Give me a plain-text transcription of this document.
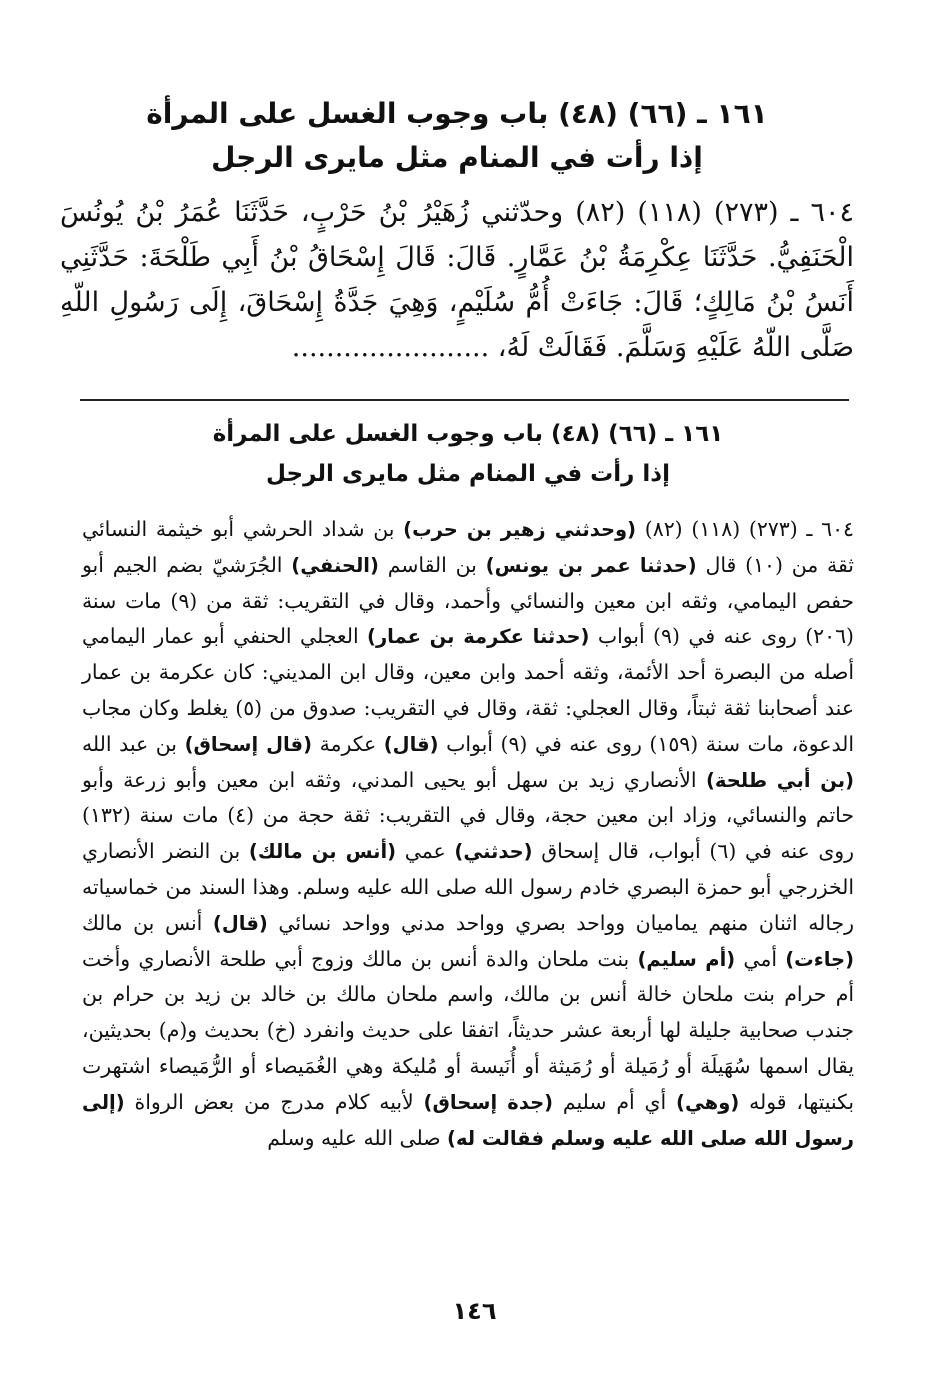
١٦١ ـ (٦٦) (٤٨) باب وجوب الغسل على المرأة
إذا رأت في المنام مثل مايرى الرجل
٦٠٤ ـ (٢٧٣) (١١٨) (٨٢) وحدّثني زُهَيْرُ بْنُ حَرْبٍ، حَدَّثَنَا عُمَرُ بْنُ يُونُسَ الْحَنَفِيُّ. حَدَّثَنَا عِكْرِمَةُ بْنُ عَمَّارٍ. قَالَ: قَالَ إِسْحَاقُ بْنُ أَبِي طَلْحَةَ: حَدَّثَنِي أَنَسُ بْنُ مَالِكٍ؛ قَالَ: جَاءَتْ أُمُّ سُلَيْمٍ، وَهِيَ جَدَّةُ إِسْحَاقَ، إِلَى رَسُولِ اللّهِ صَلَّى اللّهُ عَلَيْهِ وَسَلَّمَ. فَقَالَتْ لَهُ، .......................
١٦١ ـ (٦٦) (٤٨) باب وجوب الغسل على المرأة
إذا رأت في المنام مثل مايرى الرجل
٦٠٤ ـ (٢٧٣) (١١٨) (٨٢) (وحدثني زهير بن حرب) بن شداد الحرشي أبو خيثمة النسائي ثقة من (١٠) قال (حدثنا عمر بن يونس) بن القاسم (الحنفي) الجُرَشيّ بضم الجيم أبو حفص اليمامي، وثقه ابن معين والنسائي وأحمد، وقال في التقريب: ثقة من (٩) مات سنة (٢٠٦) روى عنه في (٩) أبواب (حدثنا عكرمة بن عمار) العجلي الحنفي أبو عمار اليمامي أصله من البصرة أحد الأئمة، وثقه أحمد وابن معين، وقال ابن المديني: كان عكرمة بن عمار عند أصحابنا ثقة ثبتاً، وقال العجلي: ثقة، وقال في التقريب: صدوق من (٥) يغلط وكان مجاب الدعوة، مات سنة (١٥٩) روى عنه في (٩) أبواب (قال) عكرمة (قال إسحاق) بن عبد الله (بن أبي طلحة) الأنصاري زيد بن سهل أبو يحيى المدني، وثقه ابن معين وأبو زرعة وأبو حاتم والنسائي، وزاد ابن معين حجة، وقال في التقريب: ثقة حجة من (٤) مات سنة (١٣٢) روى عنه في (٦) أبواب، قال إسحاق (حدثني) عمي (أنس بن مالك) بن النضر الأنصاري الخزرجي أبو حمزة البصري خادم رسول الله صلى الله عليه وسلم. وهذا السند من خماسياته رجاله اثنان منهم يماميان وواحد بصري وواحد مدني وواحد نسائي (قال) أنس بن مالك (جاءت) أمي (أم سليم) بنت ملحان والدة أنس بن مالك وزوج أبي طلحة الأنصاري وأخت أم حرام بنت ملحان خالة أنس بن مالك، واسم ملحان مالك بن خالد بن زيد بن حرام بن جندب صحابية جليلة لها أربعة عشر حديثاً، اتفقا على حديث وانفرد (خ) بحديث و(م) بحديثين، يقال اسمها سُهَيلَة أو رُمَيلة أو رُمَيثة أو أُنَيسة أو مُليكة وهي الغُمَيصاء أو الرُّمَيصاء اشتهرت بكنيتها، قوله (وهي) أي أم سليم (جدة إسحاق) لأبيه كلام مدرج من بعض الرواة (إلى رسول الله صلى الله عليه وسلم فقالت له) صلى الله عليه وسلم
١٤٦
